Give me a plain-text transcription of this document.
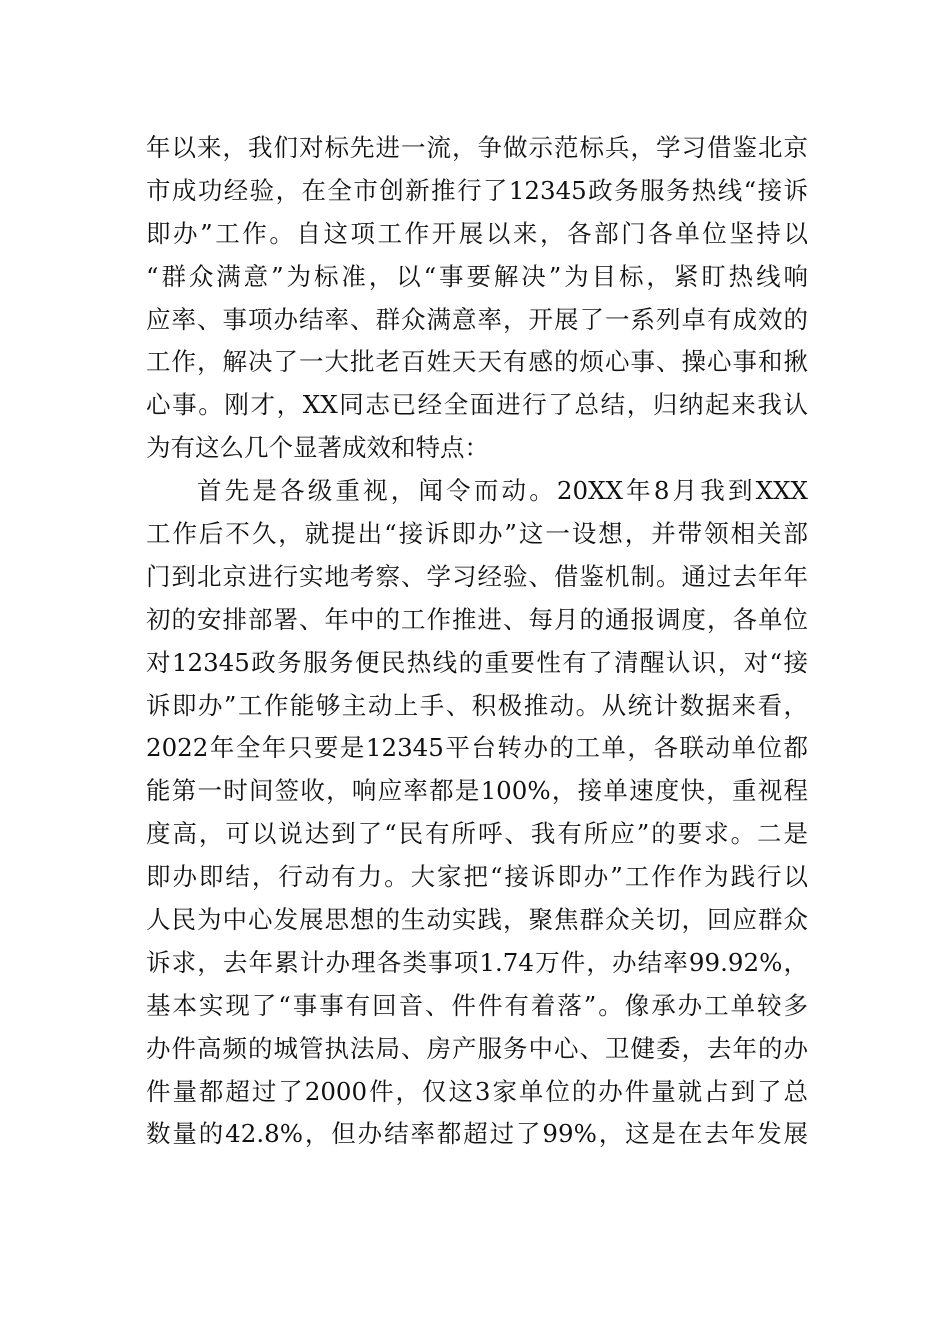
年以来，我们对标先进一流，争做示范标兵，学习借鉴北京
市成功经验，在全市创新推行了12345政务服务热线“接诉
即办”工作。自这项工作开展以来，各部门各单位坚持以
“群众满意”为标准，以“事要解决”为目标，紧盯热线响
应率、事项办结率、群众满意率，开展了一系列卓有成效的
工作，解决了一大批老百姓天天有感的烦心事、操心事和揪
心事。刚才，XX同志已经全面进行了总结，归纳起来我认
为有这么几个显著成效和特点：
首先是各级重视，闻令而动。20XX年8月我到XXX
工作后不久，就提出“接诉即办”这一设想，并带领相关部
门到北京进行实地考察、学习经验、借鉴机制。通过去年年
初的安排部署、年中的工作推进、每月的通报调度，各单位
对12345政务服务便民热线的重要性有了清醒认识，对“接
诉即办”工作能够主动上手、积极推动。从统计数据来看，
2022年全年只要是12345平台转办的工单，各联动单位都
能第一时间签收，响应率都是100%，接单速度快，重视程
度高，可以说达到了“民有所呼、我有所应”的要求。二是
即办即结，行动有力。大家把“接诉即办”工作作为践行以
人民为中心发展思想的生动实践，聚焦群众关切，回应群众
诉求，去年累计办理各类事项1.74万件，办结率99.92%，
基本实现了“事事有回音、件件有着落”。像承办工单较多
办件高频的城管执法局、房产服务中心、卫健委，去年的办
件量都超过了2000件，仅这3家单位的办件量就占到了总
数量的42.8%，但办结率都超过了99%，这是在去年发展
